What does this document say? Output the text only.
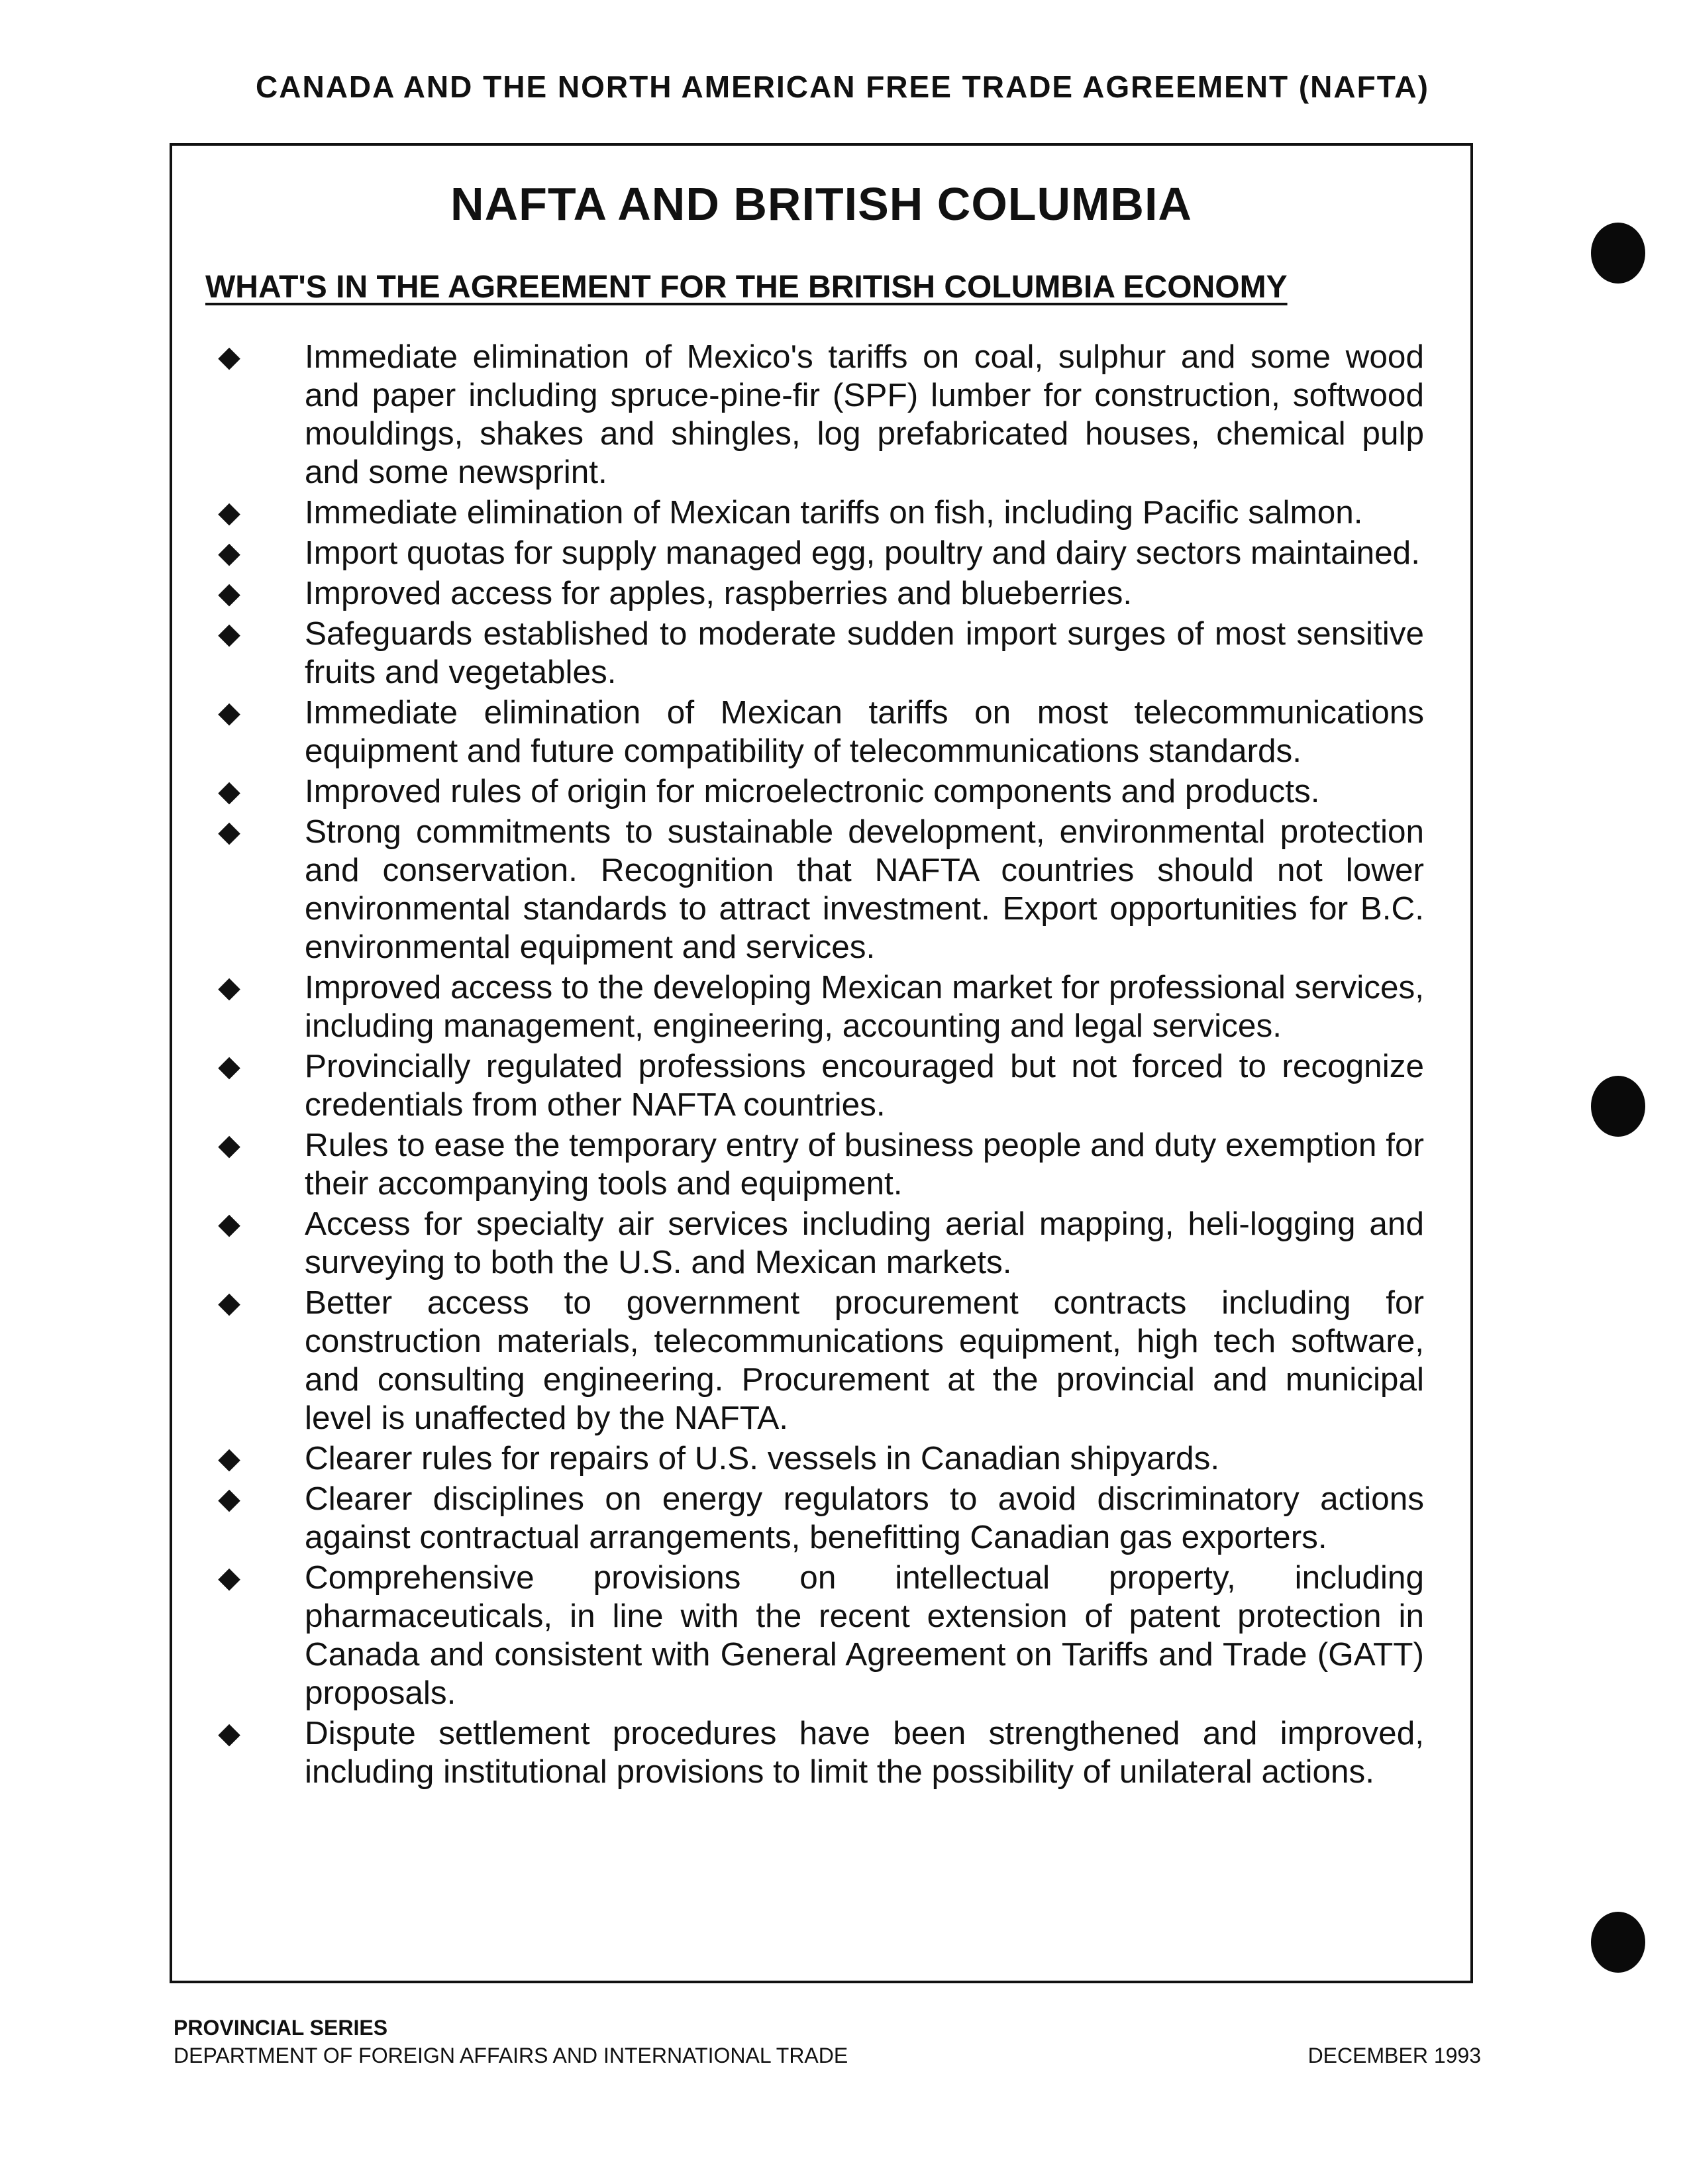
CANADA AND THE NORTH AMERICAN FREE TRADE AGREEMENT (NAFTA)
NAFTA AND BRITISH COLUMBIA
WHAT'S IN THE AGREEMENT FOR THE BRITISH COLUMBIA ECONOMY
◆ Immediate elimination of Mexico's tariffs on coal, sulphur and some wood and paper including spruce-pine-fir (SPF) lumber for construction, softwood mouldings, shakes and shingles, log prefabricated houses, chemical pulp and some newsprint.
◆ Immediate elimination of Mexican tariffs on fish, including Pacific salmon.
◆ Import quotas for supply managed egg, poultry and dairy sectors maintained.
◆ Improved access for apples, raspberries and blueberries.
◆ Safeguards established to moderate sudden import surges of most sensitive fruits and vegetables.
◆ Immediate elimination of Mexican tariffs on most telecommunications equipment and future compatibility of telecommunications standards.
◆ Improved rules of origin for microelectronic components and products.
◆ Strong commitments to sustainable development, environmental protection and conservation. Recognition that NAFTA countries should not lower environmental standards to attract investment. Export opportunities for B.C. environmental equipment and services.
◆ Improved access to the developing Mexican market for professional services, including management, engineering, accounting and legal services.
◆ Provincially regulated professions encouraged but not forced to recognize credentials from other NAFTA countries.
◆ Rules to ease the temporary entry of business people and duty exemption for their accompanying tools and equipment.
◆ Access for specialty air services including aerial mapping, heli-logging and surveying to both the U.S. and Mexican markets.
◆ Better access to government procurement contracts including for construction materials, telecommunications equipment, high tech software, and consulting engineering. Procurement at the provincial and municipal level is unaffected by the NAFTA.
◆ Clearer rules for repairs of U.S. vessels in Canadian shipyards.
◆ Clearer disciplines on energy regulators to avoid discriminatory actions against contractual arrangements, benefitting Canadian gas exporters.
◆ Comprehensive provisions on intellectual property, including pharmaceuticals, in line with the recent extension of patent protection in Canada and consistent with General Agreement on Tariffs and Trade (GATT) proposals.
◆ Dispute settlement procedures have been strengthened and improved, including institutional provisions to limit the possibility of unilateral actions.
PROVINCIAL SERIES
DEPARTMENT OF FOREIGN AFFAIRS AND INTERNATIONAL TRADE	DECEMBER 1993
